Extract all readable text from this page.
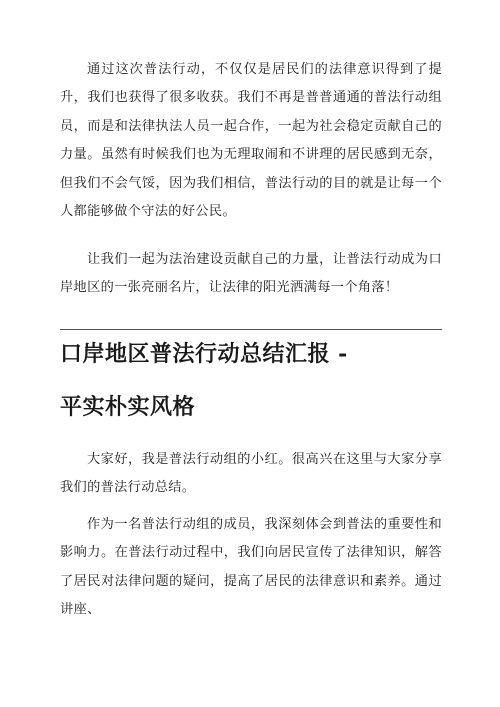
通过这次普法行动，不仅仅是居民们的法律意识得到了提升，我们也获得了很多收获。我们不再是普普通通的普法行动组员，而是和法律执法人员一起合作，一起为社会稳定贡献自己的力量。虽然有时候我们也为无理取闹和不讲理的居民感到无奈，但我们不会气馁，因为我们相信，普法行动的目的就是让每一个人都能够做个守法的好公民。

让我们一起为法治建设贡献自己的力量，让普法行动成为口岸地区的一张亮丽名片，让法律的阳光洒满每一个角落！

口岸地区普法行动总结汇报 -
平实朴实风格

大家好，我是普法行动组的小红。很高兴在这里与大家分享我们的普法行动总结。

作为一名普法行动组的成员，我深刻体会到普法的重要性和影响力。在普法行动过程中，我们向居民宣传了法律知识，解答了居民对法律问题的疑问，提高了居民的法律意识和素养。通过讲座、
